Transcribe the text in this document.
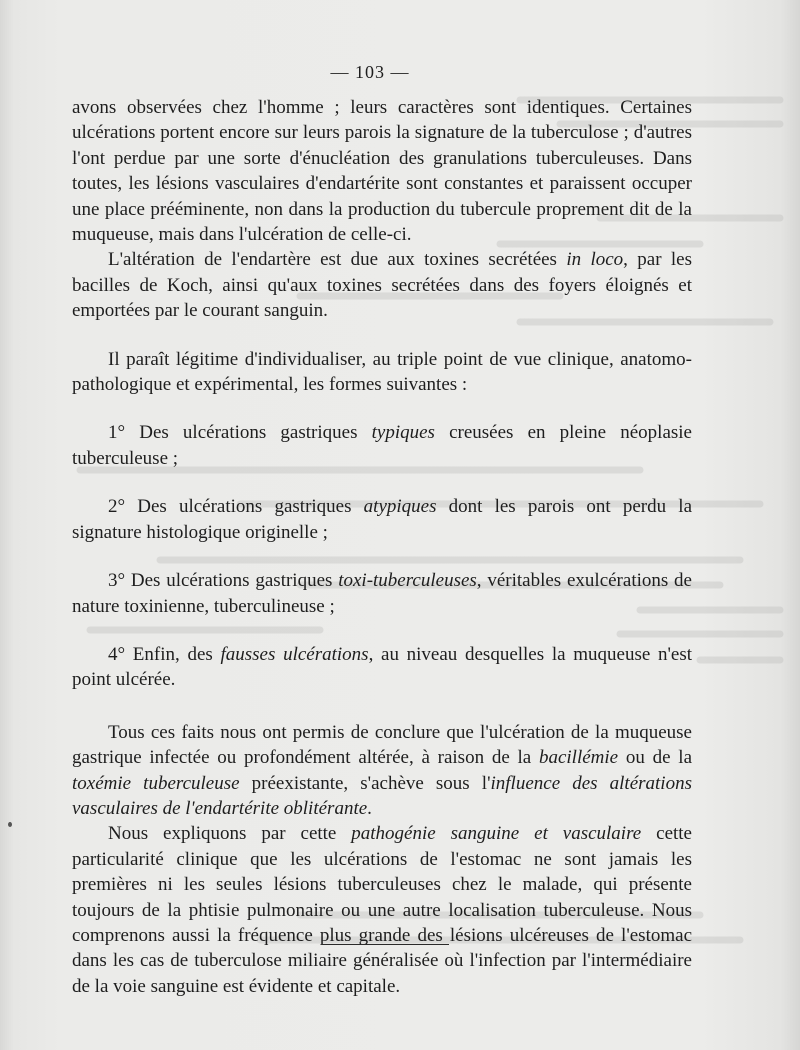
— 103 —

avons observées chez l'homme ; leurs caractères sont identiques. Certaines ulcérations portent encore sur leurs parois la signature de la tuberculose ; d'autres l'ont perdue par une sorte d'énucléation des granulations tuberculeuses. Dans toutes, les lésions vasculaires d'endartérite sont constantes et paraissent occuper une place prééminente, non dans la production du tubercule proprement dit de la muqueuse, mais dans l'ulcération de celle-ci.

L'altération de l'endartère est due aux toxines secrétées in loco, par les bacilles de Koch, ainsi qu'aux toxines secrétées dans des foyers éloignés et emportées par le courant sanguin.

Il paraît légitime d'individualiser, au triple point de vue clinique, anatomo-pathologique et expérimental, les formes suivantes :

1° Des ulcérations gastriques typiques creusées en pleine néoplasie tuberculeuse ;

2° Des ulcérations gastriques atypiques dont les parois ont perdu la signature histologique originelle ;

3° Des ulcérations gastriques toxi-tuberculeuses, véritables exulcérations de nature toxinienne, tuberculineuse ;

4° Enfin, des fausses ulcérations, au niveau desquelles la muqueuse n'est point ulcérée.

Tous ces faits nous ont permis de conclure que l'ulcération de la muqueuse gastrique infectée ou profondément altérée, à raison de la bacillémie ou de la toxémie tuberculeuse préexistante, s'achève sous l'influence des altérations vasculaires de l'endartérite oblitérante.

Nous expliquons par cette pathogénie sanguine et vasculaire cette particularité clinique que les ulcérations de l'estomac ne sont jamais les premières ni les seules lésions tuberculeuses chez le malade, qui présente toujours de la phtisie pulmonaire ou une autre localisation tuberculeuse. Nous comprenons aussi la fréquence plus grande des lésions ulcéreuses de l'estomac dans les cas de tuberculose miliaire généralisée où l'infection par l'intermédiaire de la voie sanguine est évidente et capitale.
